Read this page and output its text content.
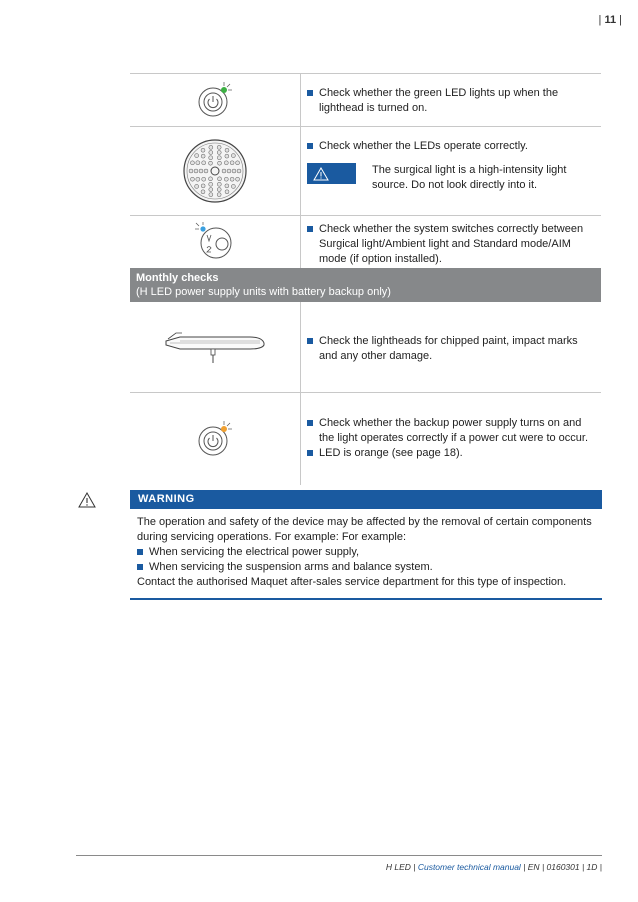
| 11 |
Check whether the green LED lights up when the lighthead is turned on.
Check whether the LEDs operate correctly.
The surgical light is a high-intensity light source. Do not look directly into it.
Check whether the system switches correctly between Surgical light/Ambient light and Standard mode/AIM mode (if option installed).
Monthly checks
(H LED power supply units with battery backup only)
Check the lightheads for chipped paint, impact marks and any other damage.
Check whether the backup power supply turns on and the light operates correctly if a power cut were to occur.
LED is orange (see page 18).
WARNING
The operation and safety of the device may be affected by the removal of certain components during servicing operations. For example: For example:
When servicing the electrical power supply,
When servicing the suspension arms and balance system.
Contact the authorised Maquet after-sales service department for this type of inspection.
H LED | Customer technical manual | EN | 0160301 | 1D |
